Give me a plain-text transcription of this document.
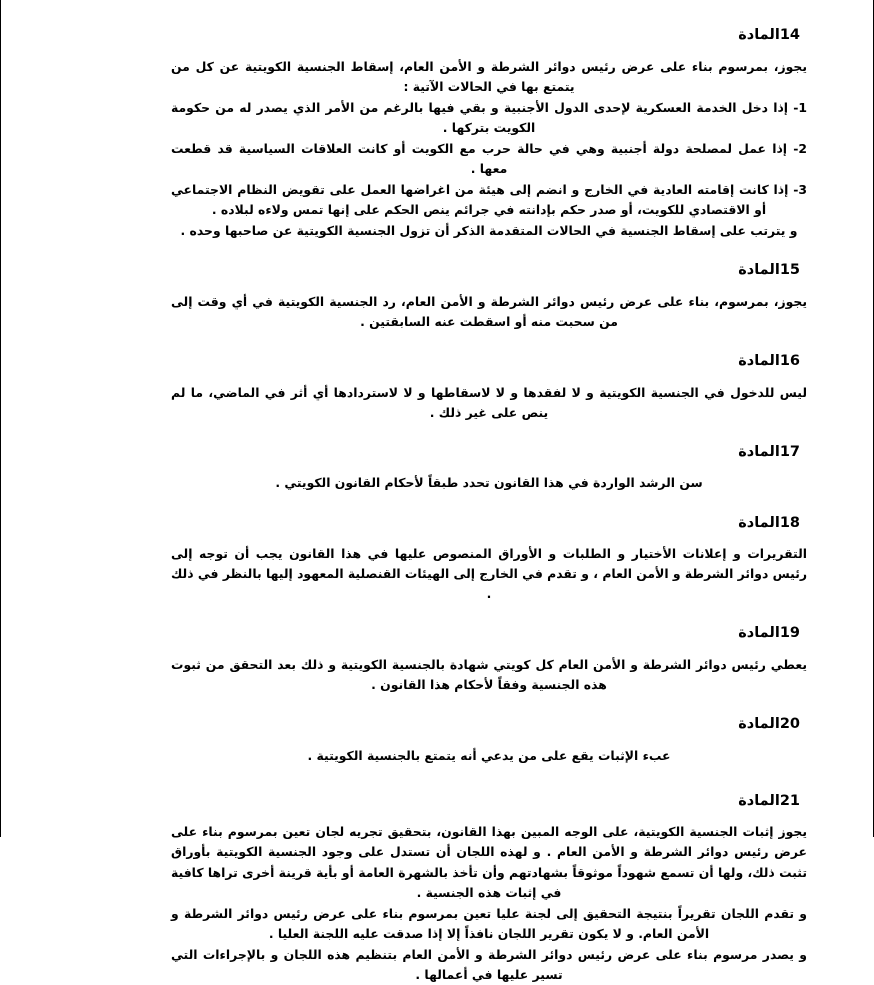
14المادة

يجوز، بمرسوم بناء على عرض رئيس دوائر الشرطة و الأمن العام، إسقاط الجنسية الكويتية عن كل من يتمتع بها في الحالات الآتية :

1- إذا دخل الخدمة العسكرية لإحدى الدول الأجنبية و بقي فيها بالرغم من الأمر الذي يصدر له من حكومة الكويت بتركها .

2- إذا عمل لمصلحة دولة أجنبية وهي في حالة حرب مع الكويت أو كانت العلاقات السياسية قد قطعت معها .

3- إذا كانت إقامته العادية في الخارج و انضم إلى هيئة من اغراضها العمل على تقويض النظام الاجتماعي أو الاقتصادي للكويت، أو صدر حكم بإدانته في جرائم ينص الحكم على إنها تمس ولاءه لبلاده .

و يترتب على إسقاط الجنسية في الحالات المتقدمة الذكر أن تزول الجنسية الكويتية عن صاحبها وحده .

15المادة

يجوز، بمرسوم، بناء على عرض رئيس دوائر الشرطة و الأمن العام، رد الجنسية الكويتية في أي وقت إلى من سحبت منه أو اسقطت عنه السابقتين .

16المادة

ليس للدخول في الجنسية الكويتية و لا لفقدها و لا لاسقاطها و لا لاستردادها أي أثر في الماضي، ما لم ينص على غير ذلك .

17المادة

سن الرشد الواردة في هذا القانون تحدد طبقاً لأحكام القانون الكويتي .

18المادة

التقريرات و إعلانات الأختيار و الطلبات و الأوراق المنصوص عليها في هذا القانون يجب أن توجه إلى رئيس دوائر الشرطة و الأمن العام ، و تقدم في الخارج إلى الهيئات القنصلية المعهود إليها بالنظر في ذلك .

19المادة

يعطي رئيس دوائر الشرطة و الأمن العام كل كويتي شهادة بالجنسية الكويتية و ذلك بعد التحقق من ثبوت هذه الجنسية وفقاً لأحكام هذا القانون .

20المادة

عبء الإثبات يقع على من يدعي أنه يتمتع بالجنسية الكويتية .

21المادة

يجوز إثبات الجنسية الكويتية، على الوجه المبين بهذا القانون، بتحقيق تجريه لجان تعين بمرسوم بناء على عرض رئيس دوائر الشرطة و الأمن العام . و لهذه اللجان أن تستدل على وجود الجنسية الكويتية بأوراق تثبت ذلك، ولها أن تسمع شهوداً موثوقاً بشهادتهم وأن تأخذ بالشهرة العامة أو بأية قرينة أخرى تراها كافية في إثبات هذه الجنسية .

و تقدم اللجان تقريراً بنتيجة التحقيق إلى لجنة عليا تعين بمرسوم بناء على عرض رئيس دوائر الشرطة و الأمن العام. و لا يكون تقرير اللجان نافذاً إلا إذا صدقت عليه اللجنة العليا .

و يصدر مرسوم بناء على عرض رئيس دوائر الشرطة و الأمن العام بتنظيم هذه اللجان و بالإجراءات التي تسير عليها في أعمالها .
